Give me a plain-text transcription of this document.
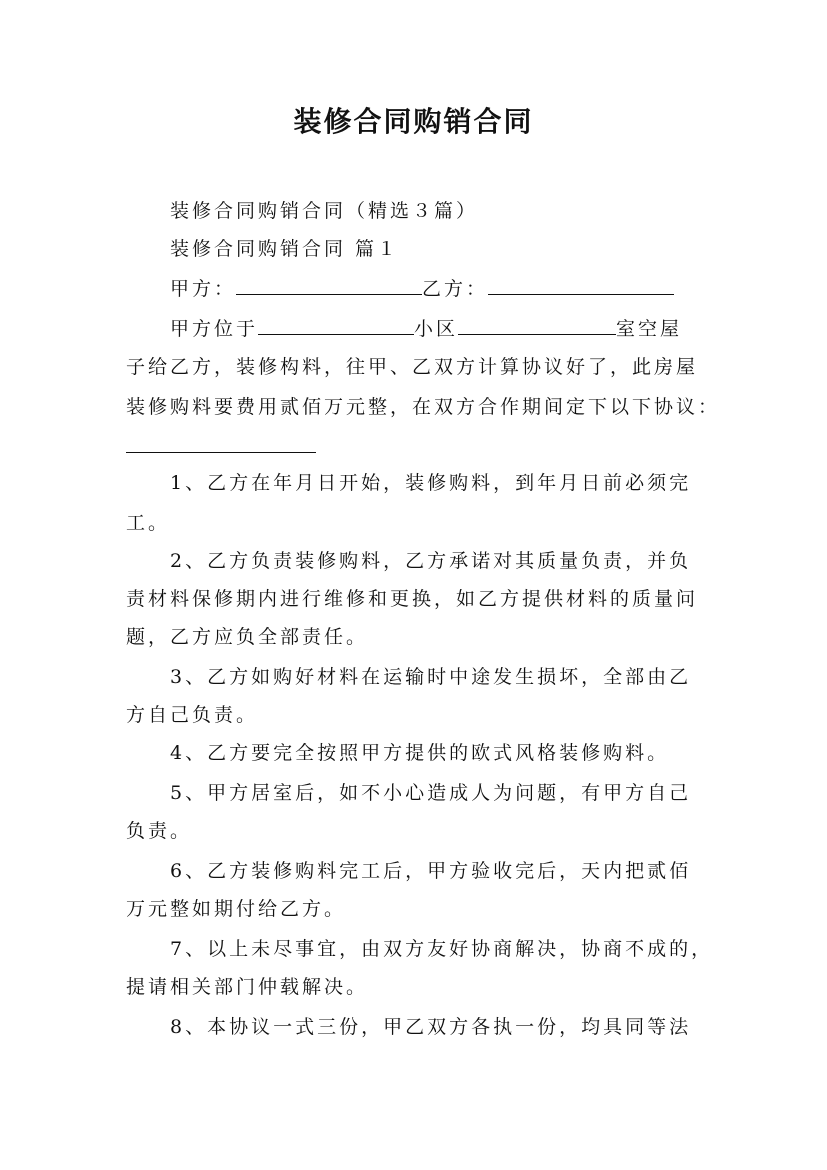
装修合同购销合同
装修合同购销合同（精选３篇）
装修合同购销合同 篇１
甲方：	乙方：
甲方位于	小区	室空屋
子给乙方，装修构料，往甲、乙双方计算协议好了，此房屋
装修购料要费用贰佰万元整，在双方合作期间定下以下协议：
1、乙方在年月日开始，装修购料，到年月日前必须完
工。
2、乙方负责装修购料，乙方承诺对其质量负责，并负
责材料保修期内进行维修和更换，如乙方提供材料的质量问
题，乙方应负全部责任。
3、乙方如购好材料在运输时中途发生损坏，全部由乙
方自己负责。
4、乙方要完全按照甲方提供的欧式风格装修购料。
5、甲方居室后，如不小心造成人为问题，有甲方自己
负责。
6、乙方装修购料完工后，甲方验收完后，天内把贰佰
万元整如期付给乙方。
7、以上未尽事宜，由双方友好协商解决，协商不成的，
提请相关部门仲载解决。
8、本协议一式三份，甲乙双方各执一份，均具同等法
